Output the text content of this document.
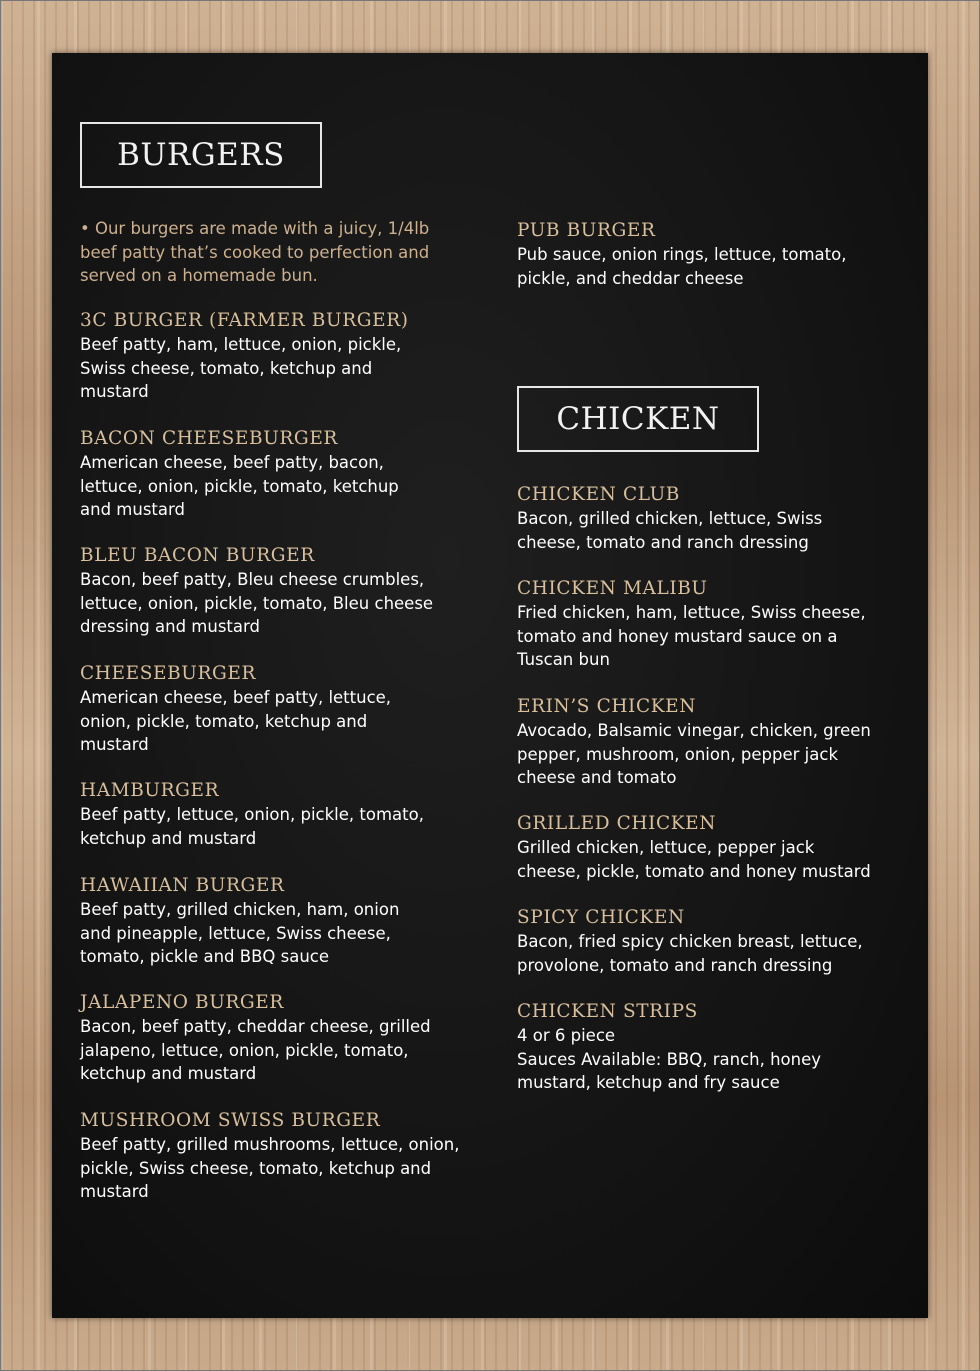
BURGERS
• Our burgers are made with a juicy, 1/4lb beef patty that’s cooked to perfection and served on a homemade bun.
3C BURGER (FARMER BURGER)
Beef patty, ham, lettuce, onion, pickle, Swiss cheese, tomato, ketchup and mustard
BACON CHEESEBURGER
American cheese, beef patty, bacon, lettuce, onion, pickle, tomato, ketchup and mustard
BLEU BACON BURGER
Bacon, beef patty, Bleu cheese crumbles, lettuce, onion, pickle, tomato, Bleu cheese dressing and mustard
CHEESEBURGER
American cheese, beef patty, lettuce, onion, pickle, tomato, ketchup and mustard
HAMBURGER
Beef patty, lettuce, onion, pickle, tomato, ketchup and mustard
HAWAIIAN BURGER
Beef patty, grilled chicken, ham, onion and pineapple, lettuce, Swiss cheese, tomato, pickle and BBQ sauce
JALAPENO BURGER
Bacon, beef patty, cheddar cheese, grilled jalapeno, lettuce, onion, pickle, tomato, ketchup and mustard
MUSHROOM SWISS BURGER
Beef patty, grilled mushrooms, lettuce, onion, pickle, Swiss cheese, tomato, ketchup and mustard
PUB BURGER
Pub sauce, onion rings, lettuce, tomato, pickle, and cheddar cheese
CHICKEN
CHICKEN CLUB
Bacon, grilled chicken, lettuce, Swiss cheese, tomato and ranch dressing
CHICKEN MALIBU
Fried chicken, ham, lettuce, Swiss cheese, tomato and honey mustard sauce on a Tuscan bun
ERIN’S CHICKEN
Avocado, Balsamic vinegar, chicken, green pepper, mushroom, onion, pepper jack cheese and tomato
GRILLED CHICKEN
Grilled chicken, lettuce, pepper jack cheese, pickle, tomato and honey mustard
SPICY CHICKEN
Bacon, fried spicy chicken breast, lettuce, provolone, tomato and ranch dressing
CHICKEN STRIPS
4 or 6 piece
Sauces Available: BBQ, ranch, honey mustard, ketchup and fry sauce
